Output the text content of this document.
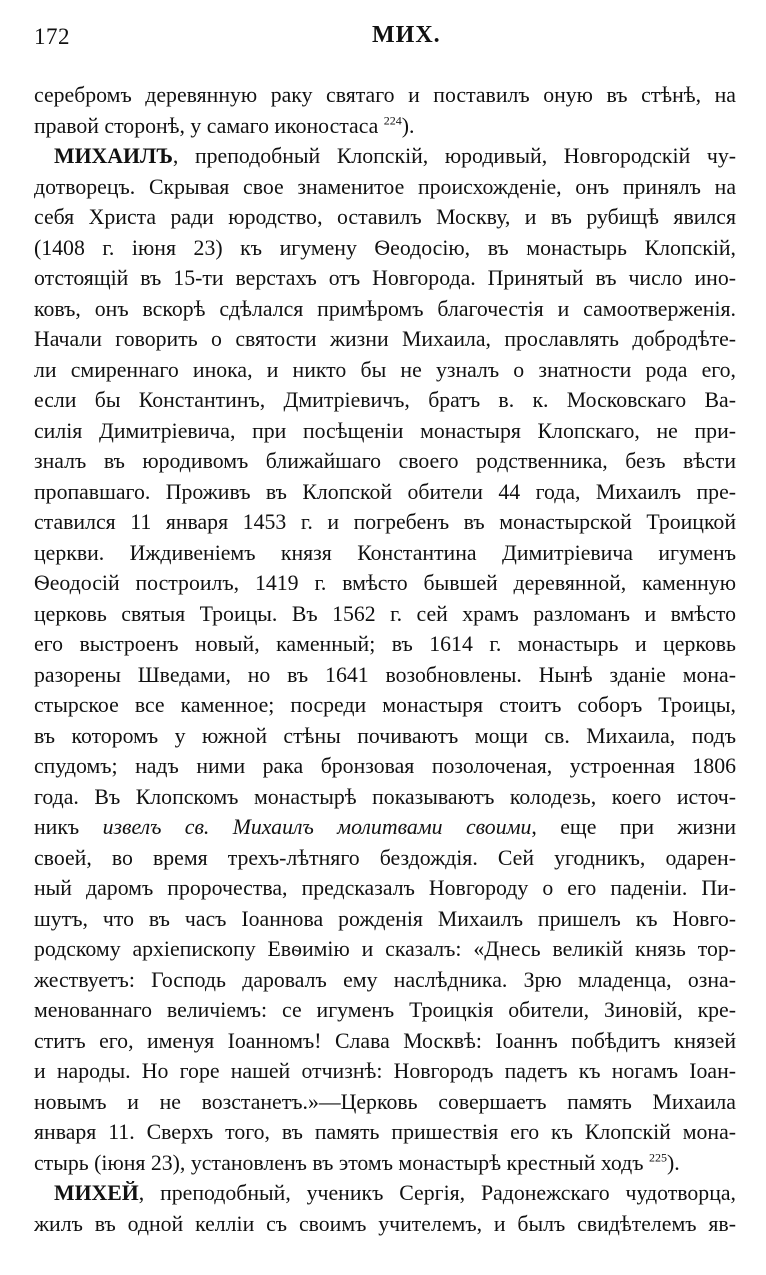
172	МИХ.
серебромъ деревянную раку святаго и поставилъ оную въ стѣнѣ, на
правой сторонѣ, у самаго иконостаса $^{224}$).
МИХАИЛЪ, преподобный Клопскій, юродивый, Новгородскій чу-
дотворецъ. Скрывая свое знаменитое происхожденіе, онъ принялъ на
себя Христа ради юродство, оставилъ Москву, и въ рубищѣ явился
(1408 г. іюня 23) къ игумену Ѳеодосію, въ монастырь Клопскій,
отстоящій въ 15-ти верстахъ отъ Новгорода. Принятый въ число ино-
ковъ, онъ вскорѣ сдѣлался примѣромъ благочестія и самоотверженія.
Начали говорить о святости жизни Михаила, прославлять добродѣте-
ли смиреннаго инока, и никто бы не узналъ о знатности рода его,
если бы Константинъ, Дмитріевичъ, братъ в. к. Московскаго Ва-
силія Димитріевича, при посѣщеніи монастыря Клопскаго, не при-
зналъ въ юродивомъ ближайшаго своего родственника, безъ вѣсти
пропавшаго. Проживъ въ Клопской обители 44 года, Михаилъ пре-
ставился 11 января 1453 г. и погребенъ въ монастырской Троицкой
церкви. Иждивеніемъ князя Константина Димитріевича игуменъ
Ѳеодосій построилъ, 1419 г. вмѣсто бывшей деревянной, каменную
церковь святыя Троицы. Въ 1562 г. сей храмъ разломанъ и вмѣсто
его выстроенъ новый, каменный; въ 1614 г. монастырь и церковь
разорены Шведами, но въ 1641 возобновлены. Нынѣ зданіе мона-
стырское все каменное; посреди монастыря стоитъ соборъ Троицы,
въ которомъ у южной стѣны почиваютъ мощи св. Михаила, подъ
спудомъ; надъ ними рака бронзовая позолоченая, устроенная 1806
года. Въ Клопскомъ монастырѣ показываютъ колодезь, коего источ-
никъ извелъ св. Михаилъ молитвами своими, еще при жизни
своей, во время трехъ-лѣтняго бездождія. Сей угодникъ, одарен-
ный даромъ пророчества, предсказалъ Новгороду о его паденіи. Пи-
шутъ, что въ часъ Іоаннова рожденія Михаилъ пришелъ къ Новго-
родскому архіепископу Евѳимію и сказалъ: «Днесь великій князь тор-
жествуетъ: Господь даровалъ ему наслѣдника. Зрю младенца, озна-
менованнаго величіемъ: се игуменъ Троицкія обители, Зиновій, кре-
ститъ его, именуя Іоанномъ! Слава Москвѣ: Іоаннъ побѣдитъ князей
и народы. Но горе нашей отчизнѣ: Новгородъ падетъ къ ногамъ Іоан-
новымъ и не возстанетъ.»—Церковь совершаетъ память Михаила
января 11. Сверхъ того, въ память пришествія его къ Клопскій мона-
стырь (іюня 23), установленъ въ этомъ монастырѣ крестный ходъ $^{225}$).
МИХЕЙ, преподобный, ученикъ Сергія, Радонежскаго чудотворца,
жилъ въ одной келліи съ своимъ учителемъ, и былъ свидѣтелемъ яв-
